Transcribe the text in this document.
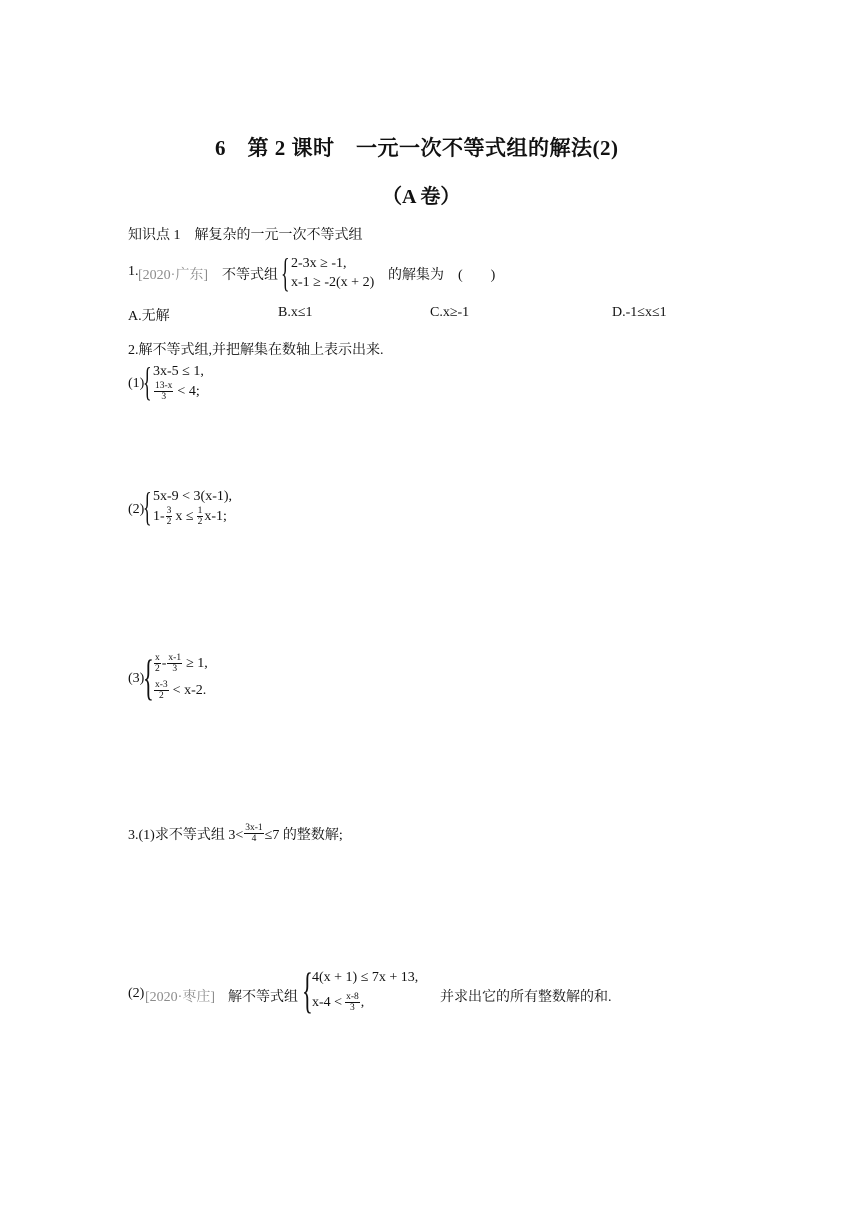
6　第 2 课时　一元一次不等式组的解法(2)
（A 卷）
知识点 1　解复杂的一元一次不等式组
1. [2020·广东] 不等式组 { 2-3x ≥ -1,
x-1 ≥ -2(x + 2) 的解集为　(　　)
A.无解	B.x≤1	C.x≥-1	D.-1≤x≤1
2.解不等式组,并把解集在数轴上表示出来.
(1)
{ 3x-5 ≤ 1,
$\frac{13-x}{3} < 4$;
(2)
{ 5x-9 < 3(x-1),
$1- \frac{3}{2}$ $x \le \frac{1}{2} x-1$;
(3)
{ $\frac{x}{2} - \frac{x-1}{3} \ge 1$,
$\frac{x-3}{2} < x-2$.
3.(1)求不等式组 $3< \frac{3x-1}{4} \le 7$ 的整数解;
(2) [2020·枣庄] 解不等式组 { 4(x + 1) ≤ 7x + 13,
$x-4 < \frac{x-8}{3}$ ,	并求出它的所有整数解的和.
